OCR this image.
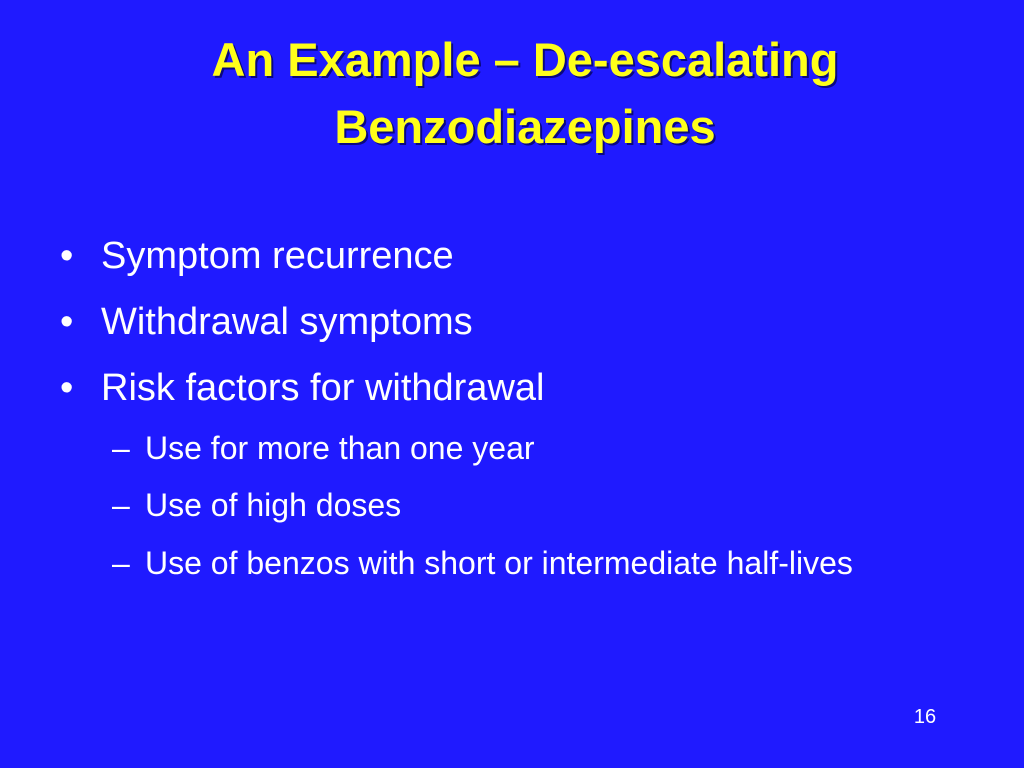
An Example – De-escalating
Benzodiazepines
• Symptom recurrence
• Withdrawal symptoms
• Risk factors for withdrawal
– Use for more than one year
– Use of high doses
– Use of benzos with short or intermediate half-lives
16
